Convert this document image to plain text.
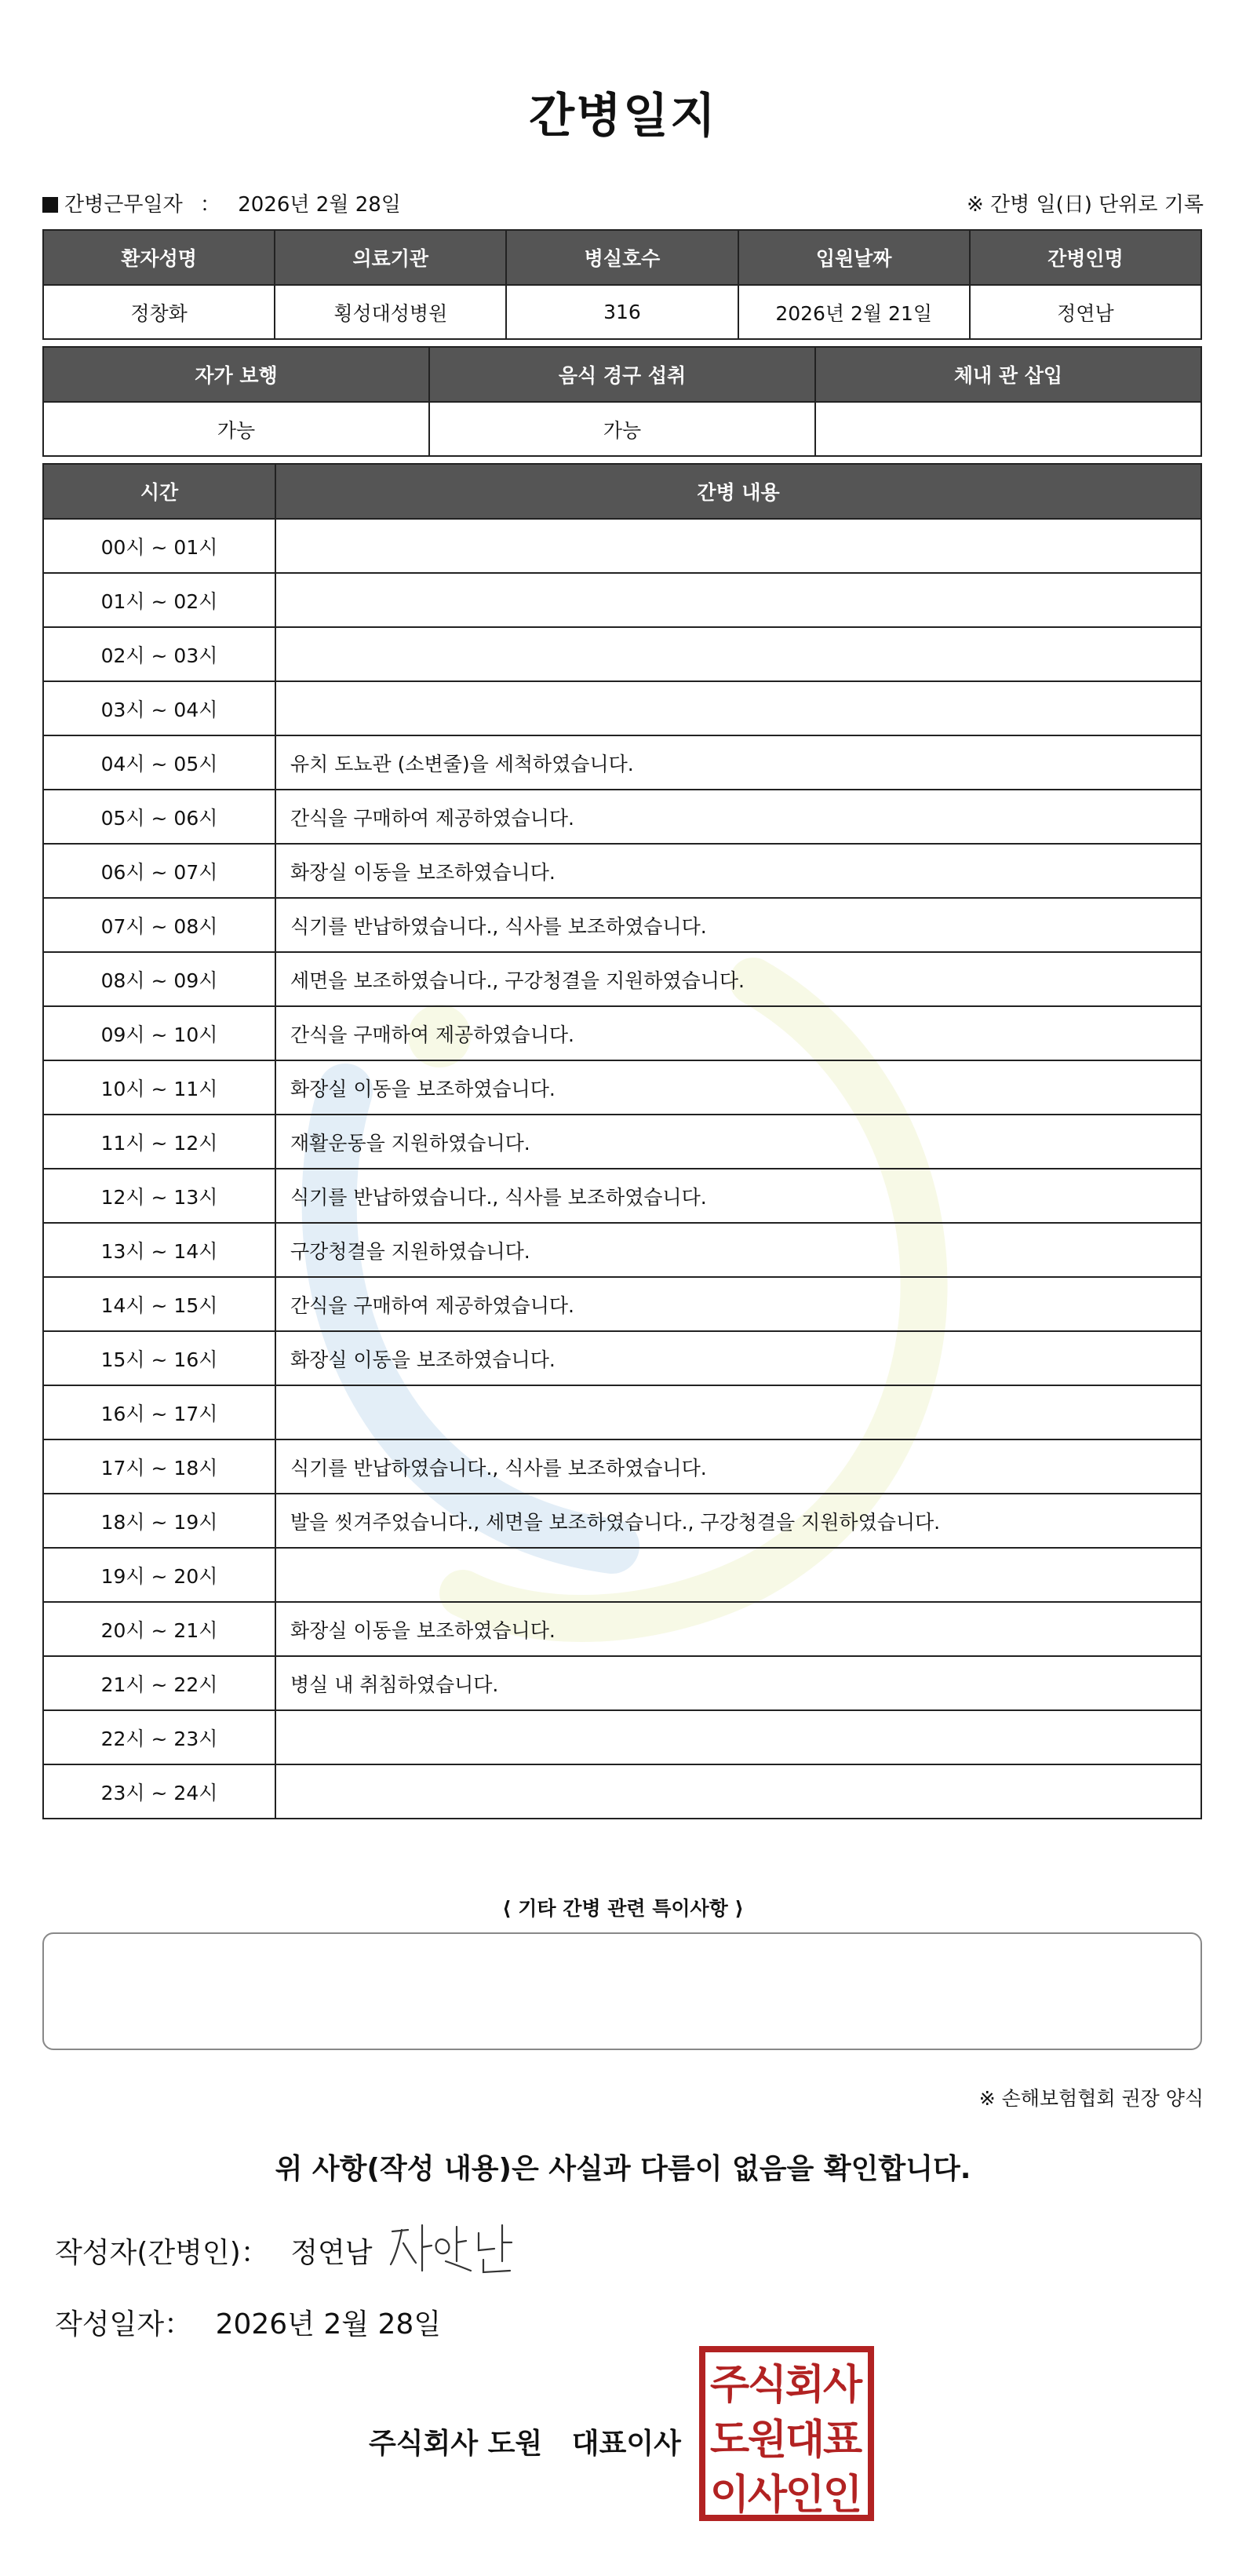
간병일지
간병근무일자 ： 2026년 2월 28일	※ 간병 일(日) 단위로 기록
환자성명	의료기관	병실호수	입원날짜	간병인명
정창화	횡성대성병원	316	2026년 2월 21일	정연남
자가 보행	음식 경구 섭취	체내 관 삽입
가능	가능	
시간	간병 내용
00시 ~ 01시	
01시 ~ 02시	
02시 ~ 03시	
03시 ~ 04시	
04시 ~ 05시	유치 도뇨관 (소변줄)을 세척하였습니다.
05시 ~ 06시	간식을 구매하여 제공하였습니다.
06시 ~ 07시	화장실 이동을 보조하였습니다.
07시 ~ 08시	식기를 반납하였습니다., 식사를 보조하였습니다.
08시 ~ 09시	세면을 보조하였습니다., 구강청결을 지원하였습니다.
09시 ~ 10시	간식을 구매하여 제공하였습니다.
10시 ~ 11시	화장실 이동을 보조하였습니다.
11시 ~ 12시	재활운동을 지원하였습니다.
12시 ~ 13시	식기를 반납하였습니다., 식사를 보조하였습니다.
13시 ~ 14시	구강청결을 지원하였습니다.
14시 ~ 15시	간식을 구매하여 제공하였습니다.
15시 ~ 16시	화장실 이동을 보조하였습니다.
16시 ~ 17시	
17시 ~ 18시	식기를 반납하였습니다., 식사를 보조하였습니다.
18시 ~ 19시	발을 씻겨주었습니다., 세면을 보조하였습니다., 구강청결을 지원하였습니다.
19시 ~ 20시	
20시 ~ 21시	화장실 이동을 보조하였습니다.
21시 ~ 22시	병실 내 취침하였습니다.
22시 ~ 23시	
23시 ~ 24시	
⟨ 기타 간병 관련 특이사항 ⟩
※ 손해보험협회 권장 양식
위 사항(작성 내용)은 사실과 다름이 없음을 확인합니다.
작성자(간병인)： 정연남
작성일자： 2026년 2월 28일
주식회사 도원   대표이사
주
식
회
사
도
원
대
표
이
사
인
인
